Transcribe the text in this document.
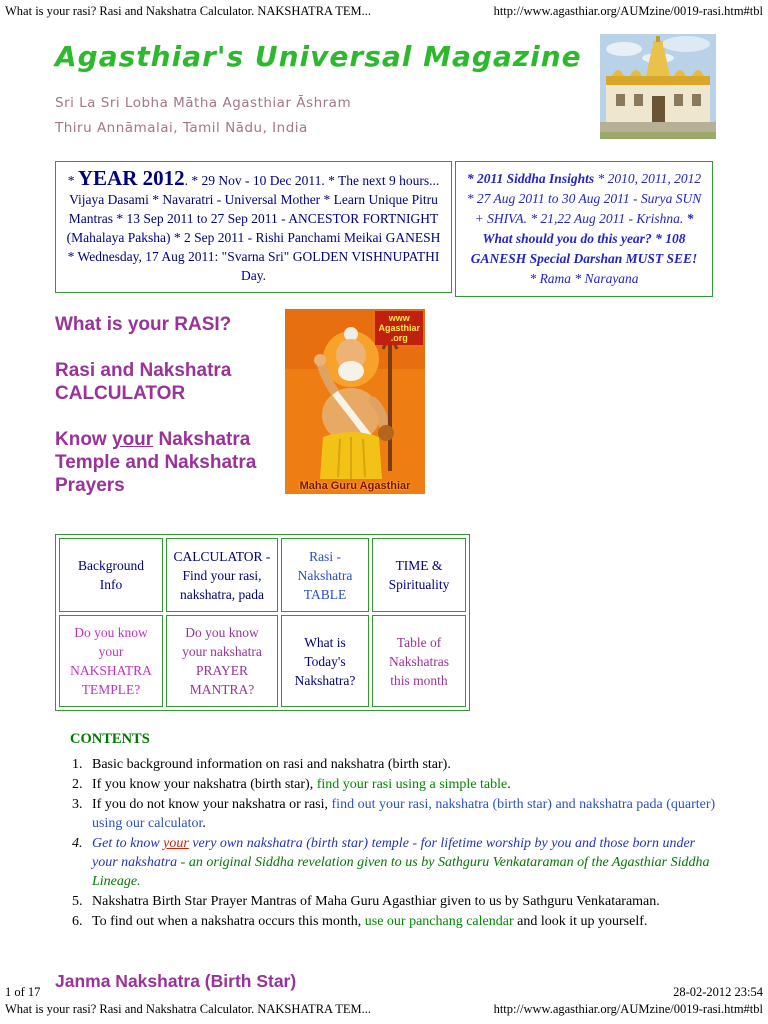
What is your rasi? Rasi and Nakshatra Calculator. NAKSHATRA TEM...	http://www.agasthiar.org/AUMzine/0019-rasi.htm#tbl
Agasthiar's Universal Magazine
Sri La Sri Lobha Mātha Agasthiar Āshram
Thiru Annāmalai, Tamil Nādu, India
* YEAR 2012. * 29 Nov - 10 Dec 2011. * The next 9 hours... Vijaya Dasami * Navaratri - Universal Mother * Learn Unique Pitru Mantras * 13 Sep 2011 to 27 Sep 2011 - ANCESTOR FORTNIGHT (Mahalaya Paksha) * 2 Sep 2011 - Rishi Panchami Meikai GANESH * Wednesday, 17 Aug 2011: "Svarna Sri" GOLDEN VISHNUPATHI Day.
* 2011 Siddha Insights * 2010, 2011, 2012 * 27 Aug 2011 to 30 Aug 2011 - Surya SUN + SHIVA. * 21,22 Aug 2011 - Krishna. * What should you do this year? * 108 GANESH Special Darshan MUST SEE! * Rama * Narayana
What is your RASI?
Rasi and Nakshatra CALCULATOR
Know your Nakshatra Temple and Nakshatra Prayers
www
Agasthiar
.org
Maha Guru Agasthiar
Background Info	CALCULATOR - Find your rasi, nakshatra, pada	Rasi - Nakshatra TABLE	TIME & Spirituality
Do you know your NAKSHATRA TEMPLE?	Do you know your nakshatra PRAYER MANTRA?	What is Today's Nakshatra?	Table of Nakshatras this month
CONTENTS
1. Basic background information on rasi and nakshatra (birth star).
2. If you know your nakshatra (birth star), find your rasi using a simple table.
3. If you do not know your nakshatra or rasi, find out your rasi, nakshatra (birth star) and nakshatra pada (quarter) using our calculator.
4. Get to know your very own nakshatra (birth star) temple - for lifetime worship by you and those born under your nakshatra - an original Siddha revelation given to us by Sathguru Venkataraman of the Agasthiar Siddha Lineage.
5. Nakshatra Birth Star Prayer Mantras of Maha Guru Agasthiar given to us by Sathguru Venkataraman.
6. To find out when a nakshatra occurs this month, use our panchang calendar and look it up yourself.
Janma Nakshatra (Birth Star)
1 of 17	28-02-2012 23:54
What is your rasi? Rasi and Nakshatra Calculator. NAKSHATRA TEM...	http://www.agasthiar.org/AUMzine/0019-rasi.htm#tbl
